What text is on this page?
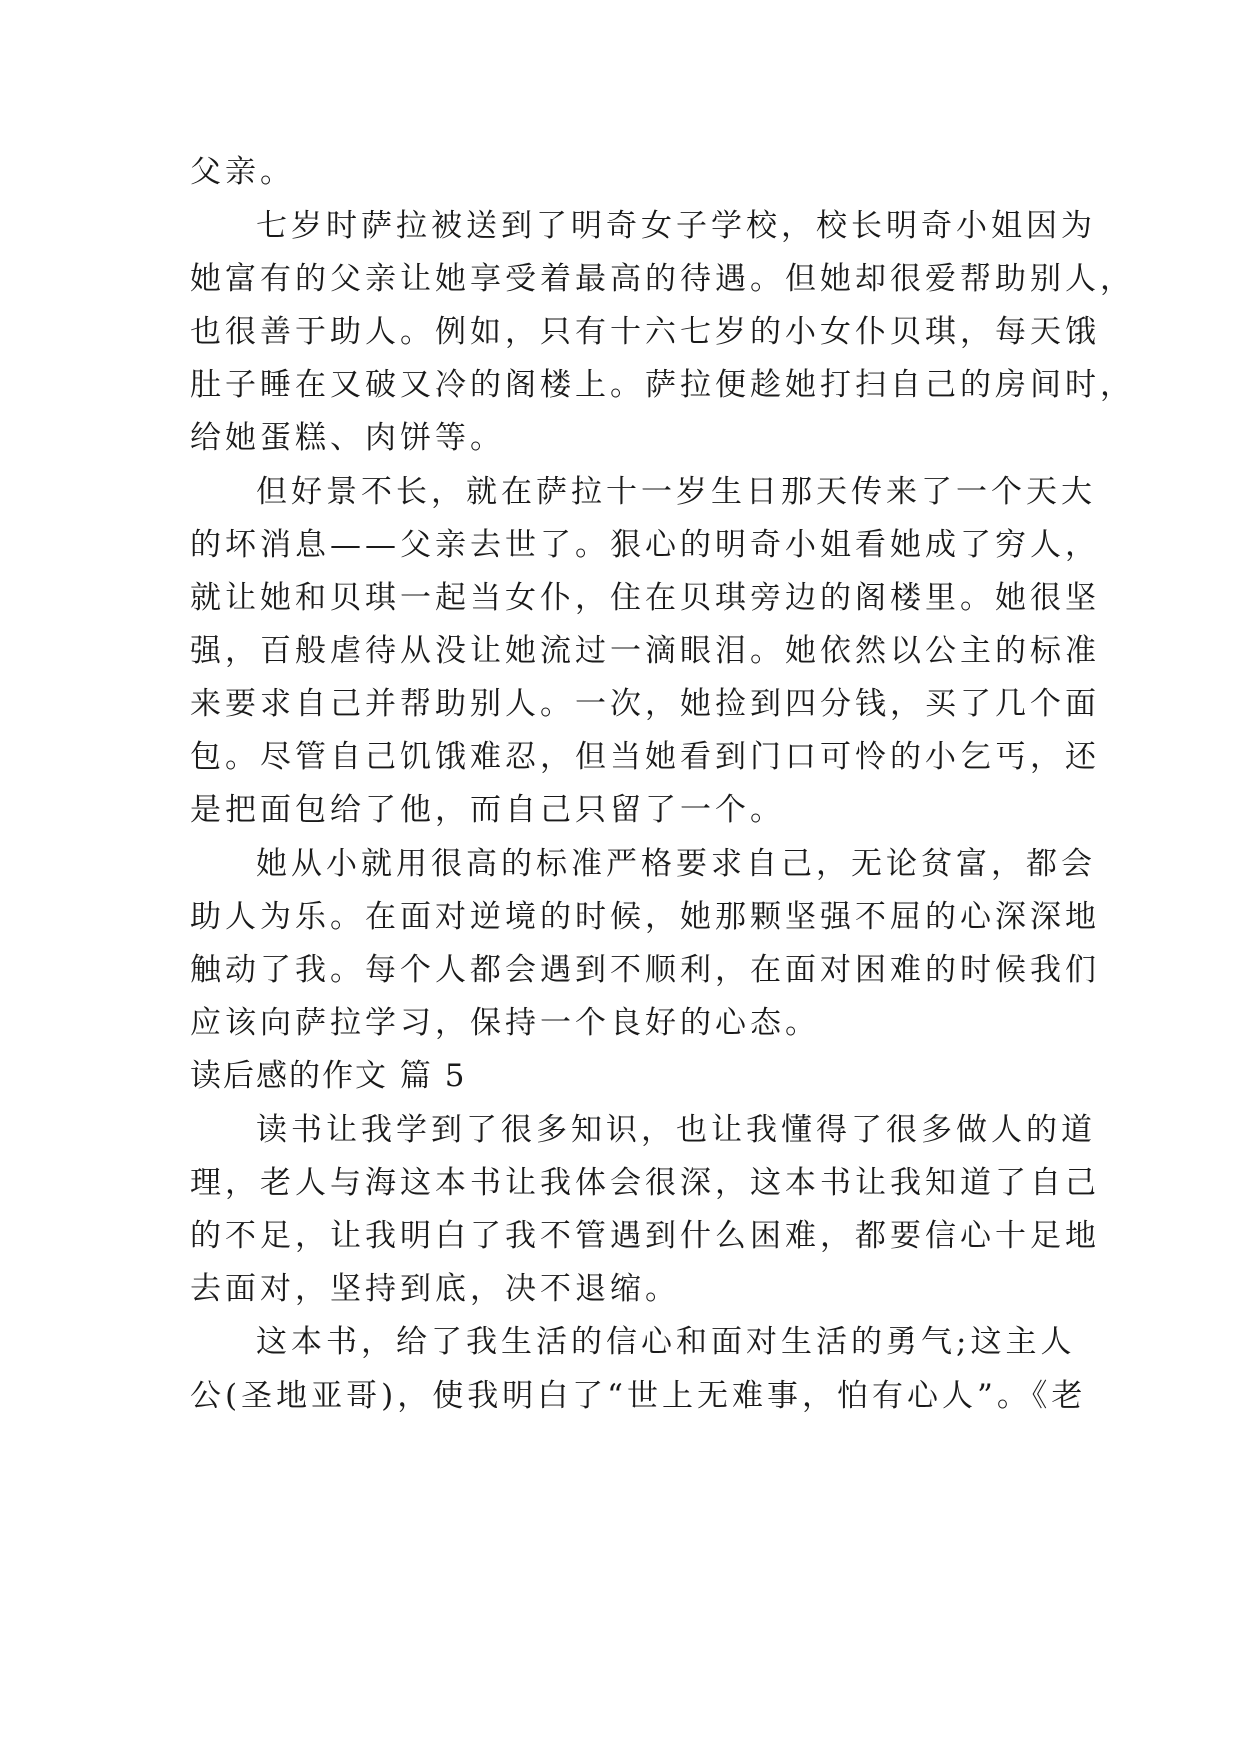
父亲。
七岁时萨拉被送到了明奇女子学校，校长明奇小姐因为
她富有的父亲让她享受着最高的待遇。但她却很爱帮助别人，
也很善于助人。例如，只有十六七岁的小女仆贝琪，每天饿
肚子睡在又破又冷的阁楼上。萨拉便趁她打扫自己的房间时，
给她蛋糕、肉饼等。
但好景不长，就在萨拉十一岁生日那天传来了一个天大
的坏消息——父亲去世了。狠心的明奇小姐看她成了穷人，
就让她和贝琪一起当女仆，住在贝琪旁边的阁楼里。她很坚
强，百般虐待从没让她流过一滴眼泪。她依然以公主的标准
来要求自己并帮助别人。一次，她捡到四分钱，买了几个面
包。尽管自己饥饿难忍，但当她看到门口可怜的小乞丐，还
是把面包给了他，而自己只留了一个。
她从小就用很高的标准严格要求自己，无论贫富，都会
助人为乐。在面对逆境的时候，她那颗坚强不屈的心深深地
触动了我。每个人都会遇到不顺利，在面对困难的时候我们
应该向萨拉学习，保持一个良好的心态。
读后感的作文 篇 5
读书让我学到了很多知识，也让我懂得了很多做人的道
理，老人与海这本书让我体会很深，这本书让我知道了自己
的不足，让我明白了我不管遇到什么困难，都要信心十足地
去面对，坚持到底，决不退缩。
这本书，给了我生活的信心和面对生活的勇气;这主人
公(圣地亚哥)，使我明白了“世上无难事，怕有心人”。《老
